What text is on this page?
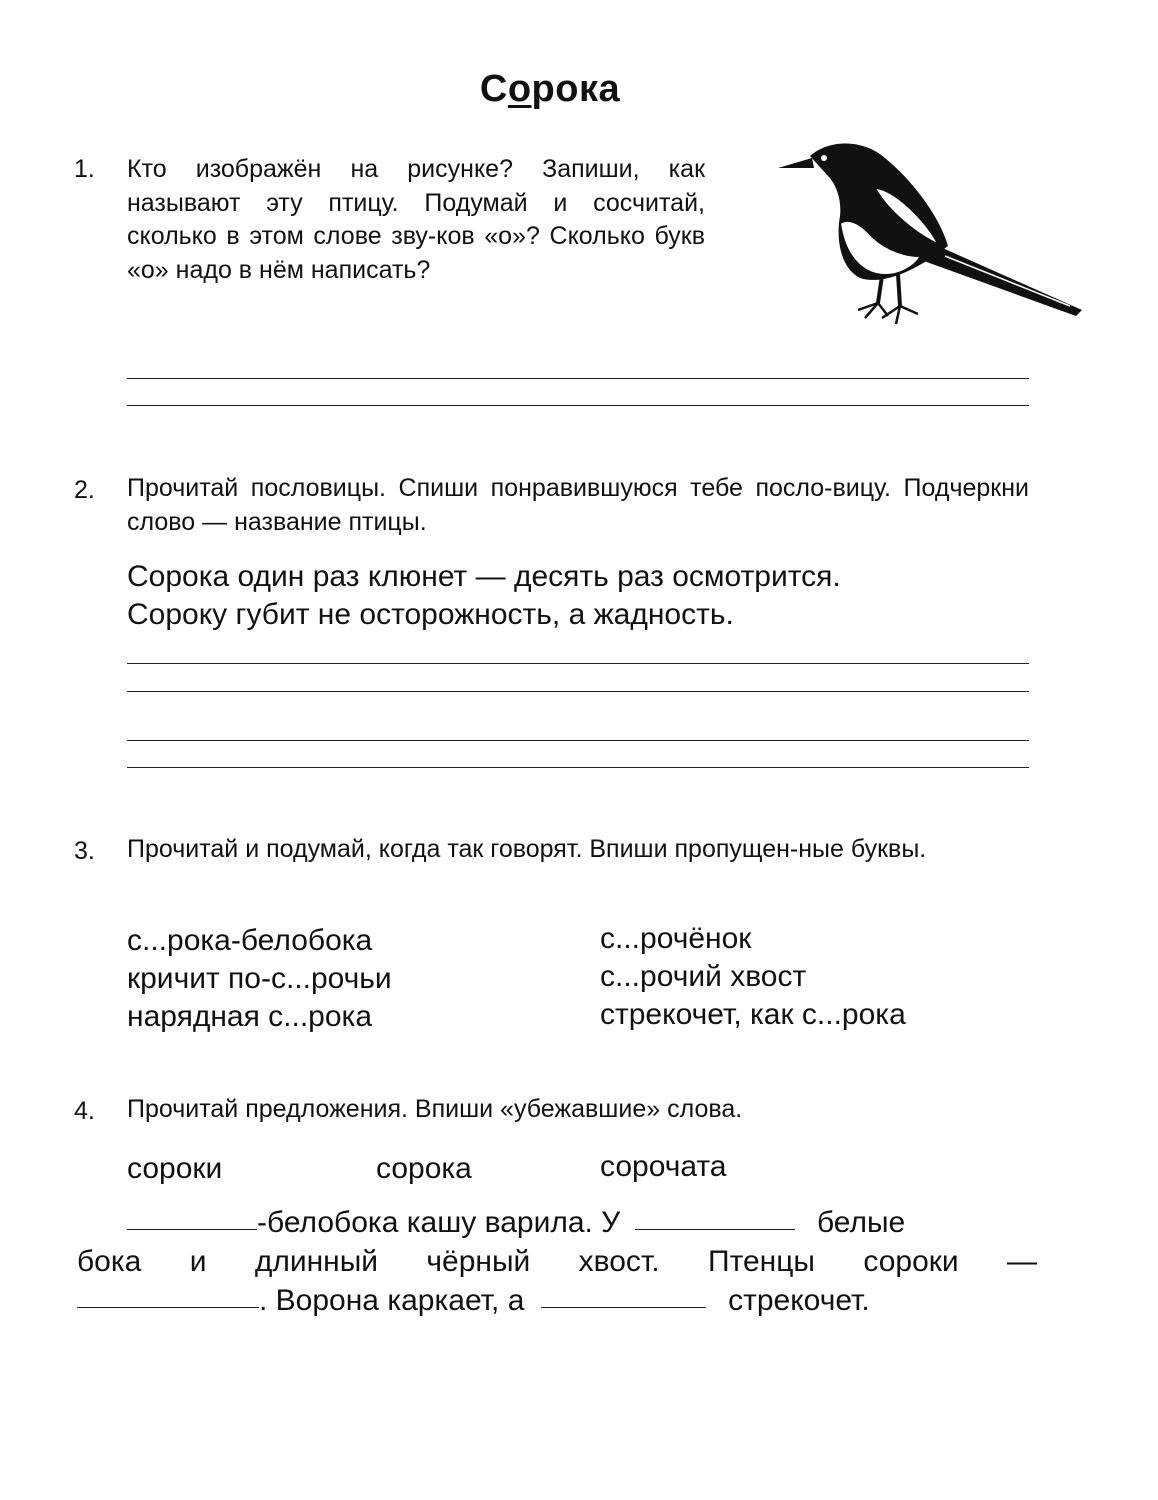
Сорока
1. Кто изображён на рисунке? Запиши, как называют эту птицу. Подумай и сосчитай, сколько в этом слове зву-ков «о»? Сколько букв «о» надо в нём написать?
2. Прочитай пословицы. Спиши понравившуюся тебе посло-вицу. Подчеркни слово — название птицы.
Сорока один раз клюнет — десять раз осмотрится.
Сороку губит не осторожность, а жадность.
3. Прочитай и подумай, когда так говорят. Впиши пропущен-ные буквы.
с...рока-белобока
кричит по-с...рочьи
нарядная с...рока
с...рочёнок
с...рочий хвост
стрекочет, как с...рока
4. Прочитай предложения. Впиши «убежавшие» слова.
сороки	сорока	сорочата
-белобока кашу варила. У	белые
бока и длинный чёрный хвост. Птенцы сороки —
. Ворона каркает, а	стрекочет.
